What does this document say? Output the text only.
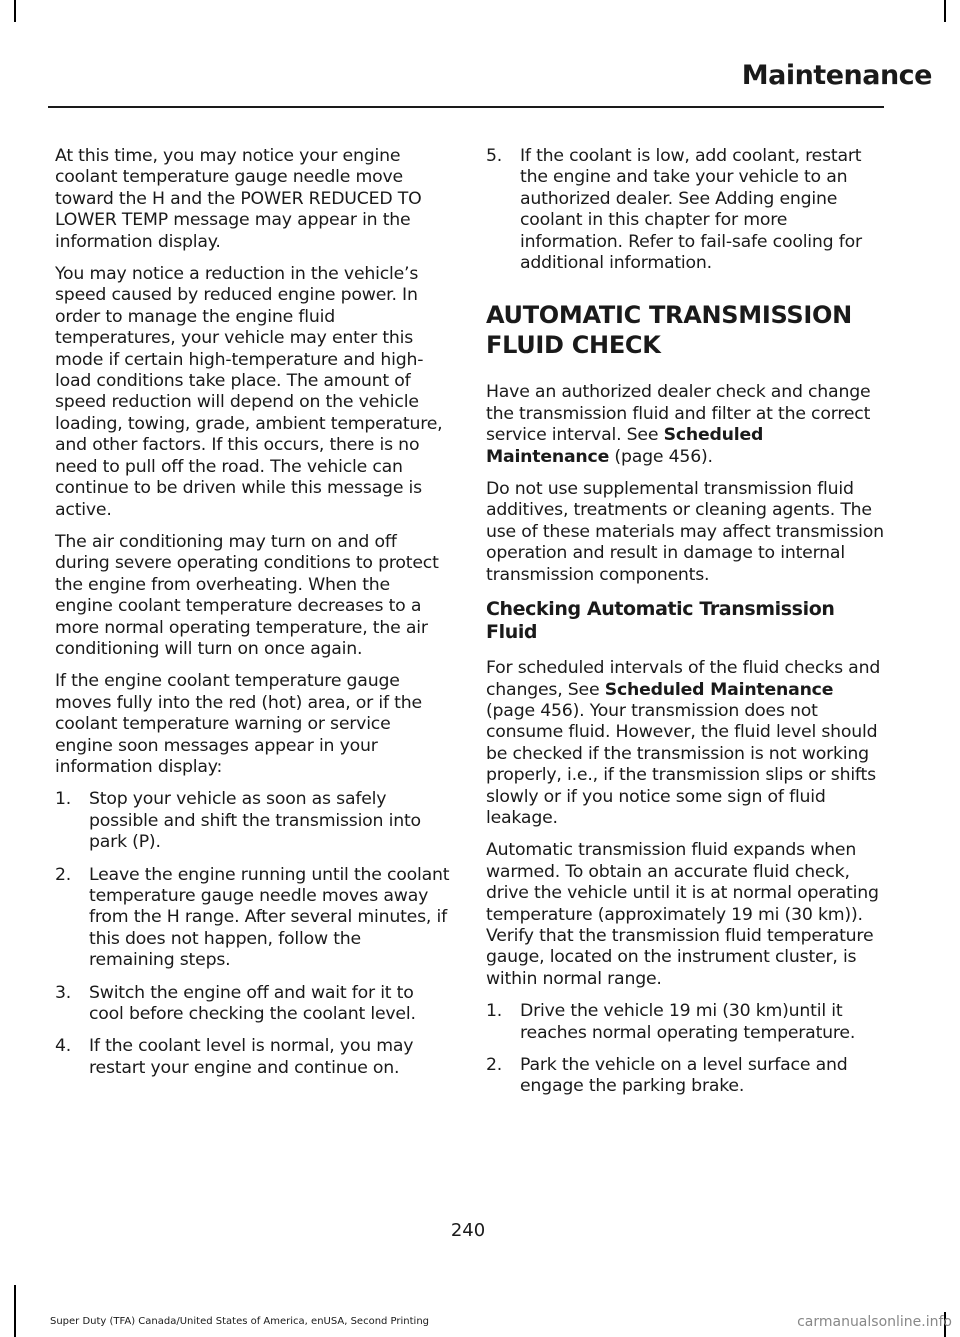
Maintenance

At this time, you may notice your engine coolant temperature gauge needle move toward the H and the POWER REDUCED TO LOWER TEMP message may appear in the information display.

You may notice a reduction in the vehicle’s speed caused by reduced engine power. In order to manage the engine fluid temperatures, your vehicle may enter this mode if certain high-temperature and high-load conditions take place. The amount of speed reduction will depend on the vehicle loading, towing, grade, ambient temperature, and other factors. If this occurs, there is no need to pull off the road. The vehicle can continue to be driven while this message is active.

The air conditioning may turn on and off during severe operating conditions to protect the engine from overheating. When the engine coolant temperature decreases to a more normal operating temperature, the air conditioning will turn on once again.

If the engine coolant temperature gauge moves fully into the red (hot) area, or if the coolant temperature warning or service engine soon messages appear in your information display:

1. Stop your vehicle as soon as safely possible and shift the transmission into park (P).

2. Leave the engine running until the coolant temperature gauge needle moves away from the H range. After several minutes, if this does not happen, follow the remaining steps.

3. Switch the engine off and wait for it to cool before checking the coolant level.

4. If the coolant level is normal, you may restart your engine and continue on.

5. If the coolant is low, add coolant, restart the engine and take your vehicle to an authorized dealer. See Adding engine coolant in this chapter for more information. Refer to fail-safe cooling for additional information.

AUTOMATIC TRANSMISSION
FLUID CHECK

Have an authorized dealer check and change the transmission fluid and filter at the correct service interval. See Scheduled Maintenance (page 456).

Do not use supplemental transmission fluid additives, treatments or cleaning agents. The use of these materials may affect transmission operation and result in damage to internal transmission components.

Checking Automatic Transmission Fluid

For scheduled intervals of the fluid checks and changes, See Scheduled Maintenance (page 456). Your transmission does not consume fluid. However, the fluid level should be checked if the transmission is not working properly, i.e., if the transmission slips or shifts slowly or if you notice some sign of fluid leakage.

Automatic transmission fluid expands when warmed. To obtain an accurate fluid check, drive the vehicle until it is at normal operating temperature (approximately 19 mi (30 km)). Verify that the transmission fluid temperature gauge, located on the instrument cluster, is within normal range.

1. Drive the vehicle 19 mi (30 km)until it reaches normal operating temperature.

2. Park the vehicle on a level surface and engage the parking brake.

240
Super Duty (TFA) Canada/United States of America, enUSA, Second Printing	carmanualsonline.info
